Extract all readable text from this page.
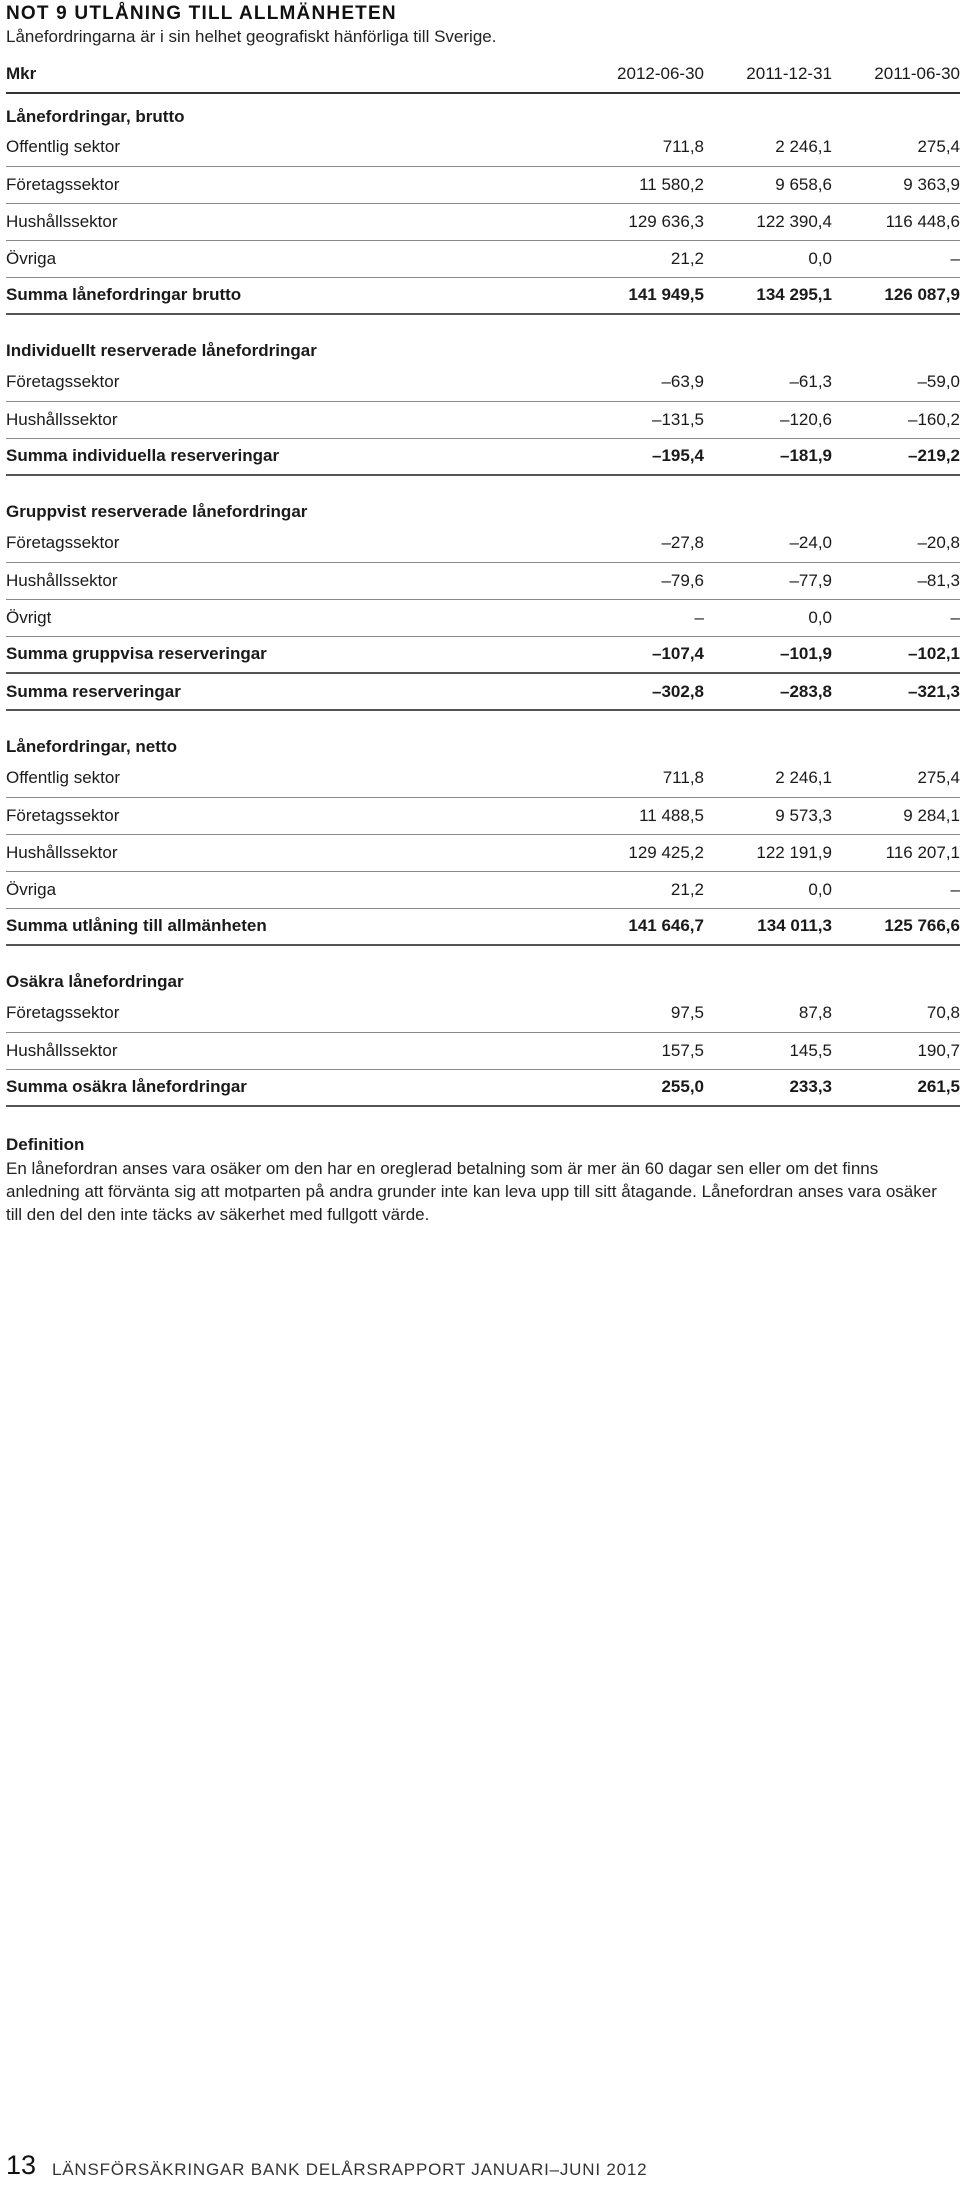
NOT 9 UTLÅNING TILL ALLMÄNHETEN
Lånefordringarna är i sin helhet geografiskt hänförliga till Sverige.
Mkr	2012-06-30	2011-12-31	2011-06-30
Lånefordringar, brutto			
Offentlig sektor	711,8	2 246,1	275,4
Företagssektor	11 580,2	9 658,6	9 363,9
Hushållssektor	129 636,3	122 390,4	116 448,6
Övriga	21,2	0,0	–
Summa lånefordringar brutto	141 949,5	134 295,1	126 087,9

Individuellt reserverade lånefordringar			
Företagssektor	–63,9	–61,3	–59,0
Hushållssektor	–131,5	–120,6	–160,2
Summa individuella reserveringar	–195,4	–181,9	–219,2

Gruppvist reserverade lånefordringar			
Företagssektor	–27,8	–24,0	–20,8
Hushållssektor	–79,6	–77,9	–81,3
Övrigt	–	0,0	–
Summa gruppvisa reserveringar	–107,4	–101,9	–102,1
Summa reserveringar	–302,8	–283,8	–321,3

Lånefordringar, netto			
Offentlig sektor	711,8	2 246,1	275,4
Företagssektor	11 488,5	9 573,3	9 284,1
Hushållssektor	129 425,2	122 191,9	116 207,1
Övriga	21,2	0,0	–
Summa utlåning till allmänheten	141 646,7	134 011,3	125 766,6

Osäkra lånefordringar			
Företagssektor	97,5	87,8	70,8
Hushållssektor	157,5	145,5	190,7
Summa osäkra lånefordringar	255,0	233,3	261,5
Definition
En lånefordran anses vara osäker om den har en oreglerad betalning som är mer än 60 dagar sen eller om det finns anledning att förvänta sig att motparten på andra grunder inte kan leva upp till sitt åtagande. Lånefordran anses vara osäker till den del den inte täcks av säkerhet med fullgott värde.
13 LÄNSFÖRSÄKRINGAR BANK DELÅRSRAPPORT JANUARI–JUNI 2012
